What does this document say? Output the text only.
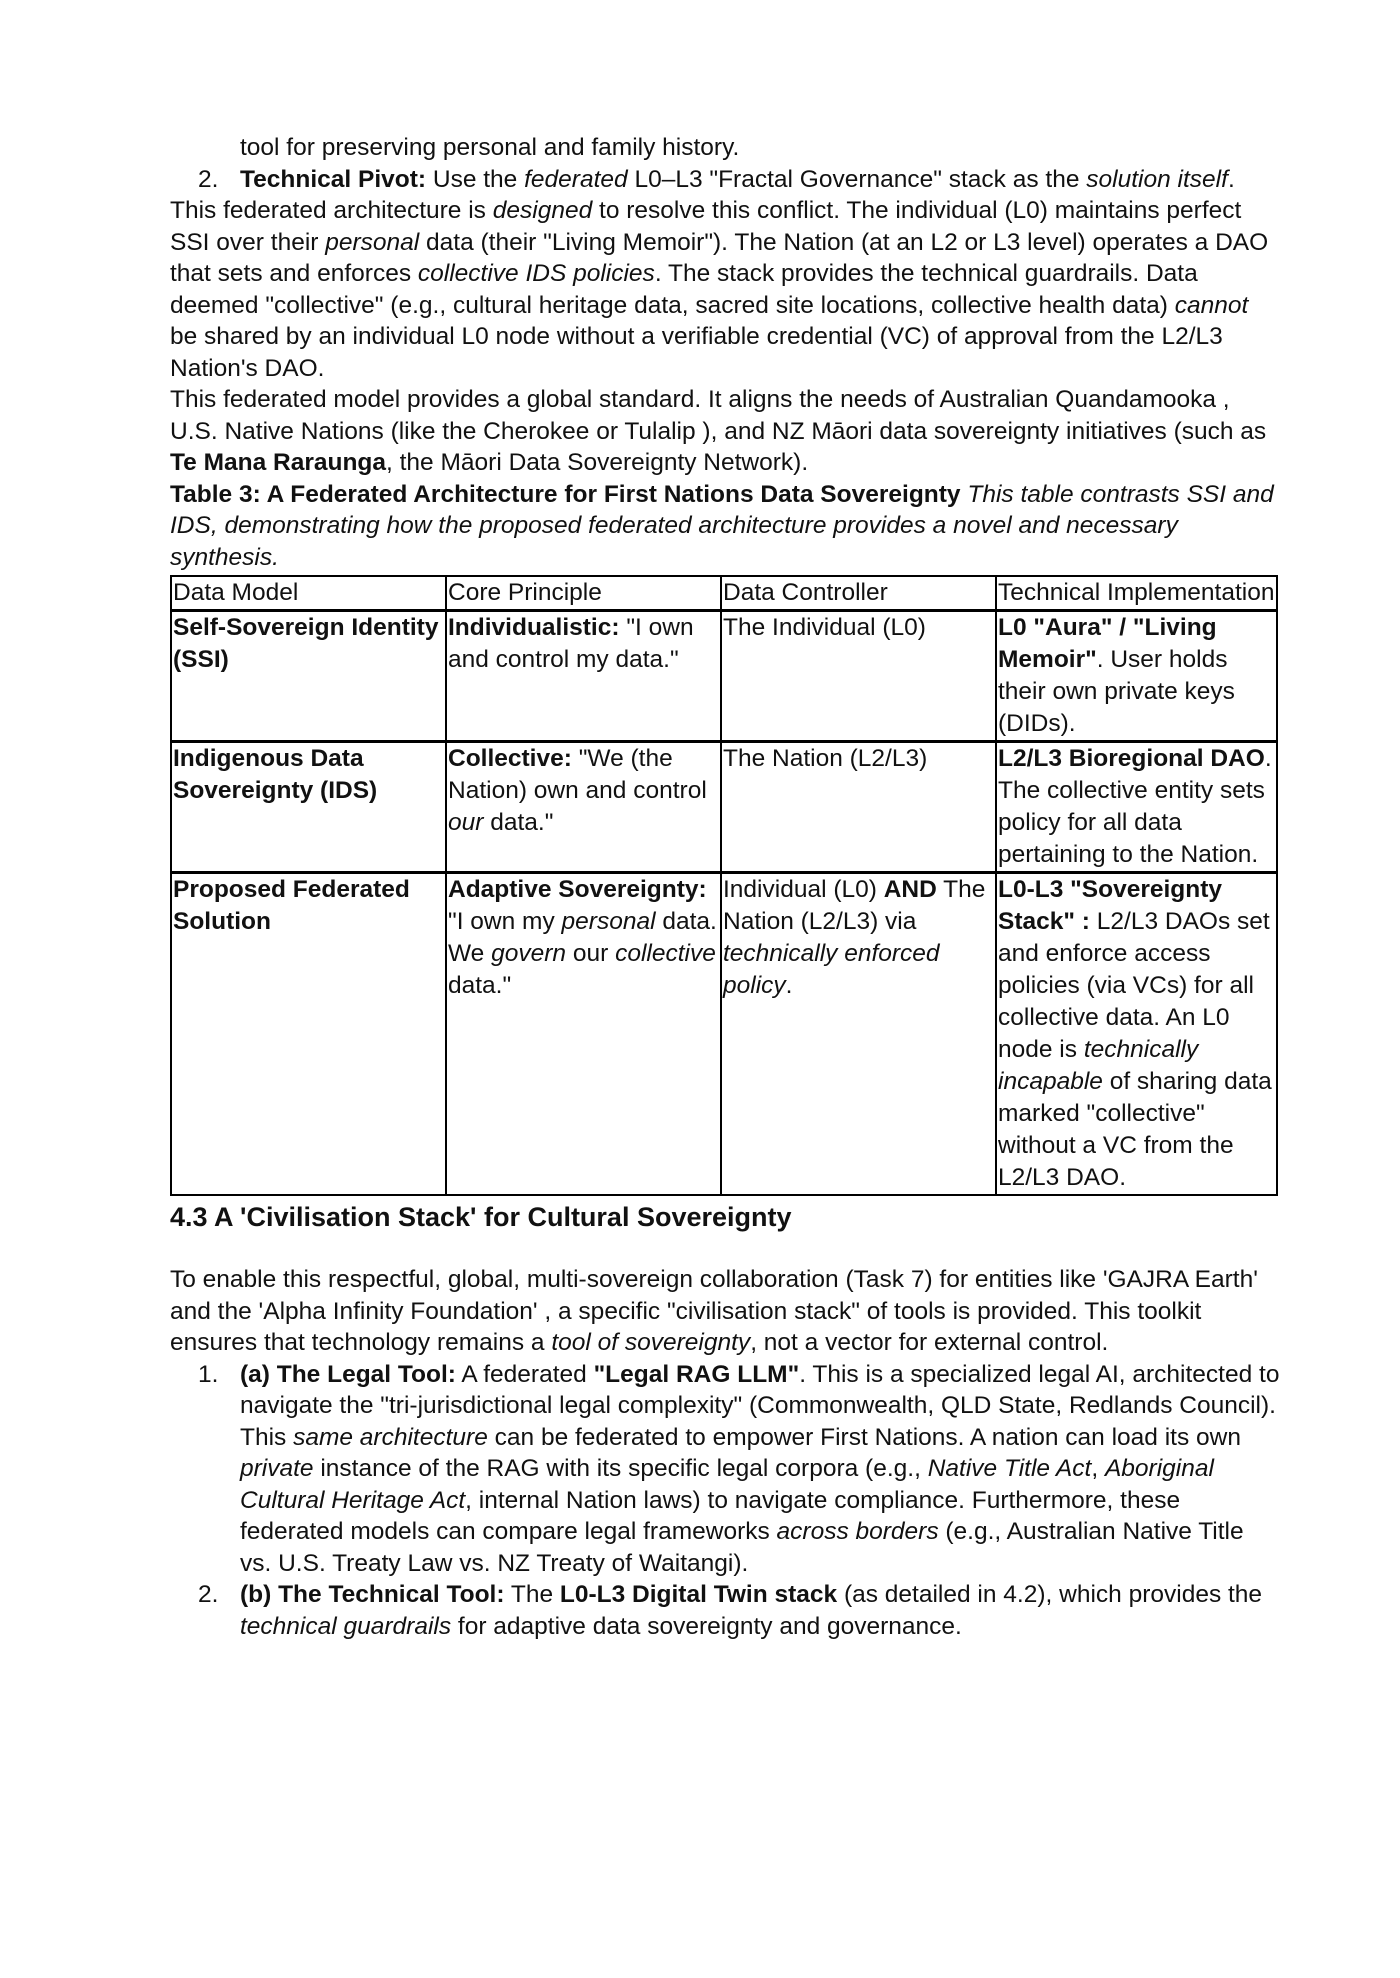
tool for preserving personal and family history.
2. Technical Pivot: Use the federated L0–L3 "Fractal Governance" stack as the solution itself.

This federated architecture is designed to resolve this conflict. The individual (L0) maintains perfect SSI over their personal data (their "Living Memoir"). The Nation (at an L2 or L3 level) operates a DAO that sets and enforces collective IDS policies. The stack provides the technical guardrails. Data deemed "collective" (e.g., cultural heritage data, sacred site locations, collective health data) cannot be shared by an individual L0 node without a verifiable credential (VC) of approval from the L2/L3 Nation's DAO.

This federated model provides a global standard. It aligns the needs of Australian Quandamooka , U.S. Native Nations (like the Cherokee or Tulalip ), and NZ Māori data sovereignty initiatives (such as Te Mana Raraunga, the Māori Data Sovereignty Network).

Table 3: A Federated Architecture for First Nations Data Sovereignty This table contrasts SSI and IDS, demonstrating how the proposed federated architecture provides a novel and necessary synthesis.

Data Model	Core Principle	Data Controller	Technical Implementation
Self-Sovereign Identity (SSI)	Individualistic: "I own and control my data."	The Individual (L0)	L0 "Aura" / "Living Memoir". User holds their own private keys (DIDs).
Indigenous Data Sovereignty (IDS)	Collective: "We (the Nation) own and control our data."	The Nation (L2/L3)	L2/L3 Bioregional DAO. The collective entity sets policy for all data pertaining to the Nation.
Proposed Federated Solution	Adaptive Sovereignty: "I own my personal data. We govern our collective data."	Individual (L0) AND The Nation (L2/L3) via technically enforced policy.	L0-L3 "Sovereignty Stack" : L2/L3 DAOs set and enforce access policies (via VCs) for all collective data. An L0 node is technically incapable of sharing data marked "collective" without a VC from the L2/L3 DAO.
4.3 A 'Civilisation Stack' for Cultural Sovereignty

To enable this respectful, global, multi-sovereign collaboration (Task 7) for entities like 'GAJRA Earth' and the 'Alpha Infinity Foundation' , a specific "civilisation stack" of tools is provided. This toolkit ensures that technology remains a tool of sovereignty, not a vector for external control.

1. (a) The Legal Tool: A federated "Legal RAG LLM". This is a specialized legal AI, architected to navigate the "tri-jurisdictional legal complexity" (Commonwealth, QLD State, Redlands Council). This same architecture can be federated to empower First Nations. A nation can load its own private instance of the RAG with its specific legal corpora (e.g., Native Title Act, Aboriginal Cultural Heritage Act, internal Nation laws) to navigate compliance. Furthermore, these federated models can compare legal frameworks across borders (e.g., Australian Native Title vs. U.S. Treaty Law vs. NZ Treaty of Waitangi).
2. (b) The Technical Tool: The L0-L3 Digital Twin stack (as detailed in 4.2), which provides the technical guardrails for adaptive data sovereignty and governance.
